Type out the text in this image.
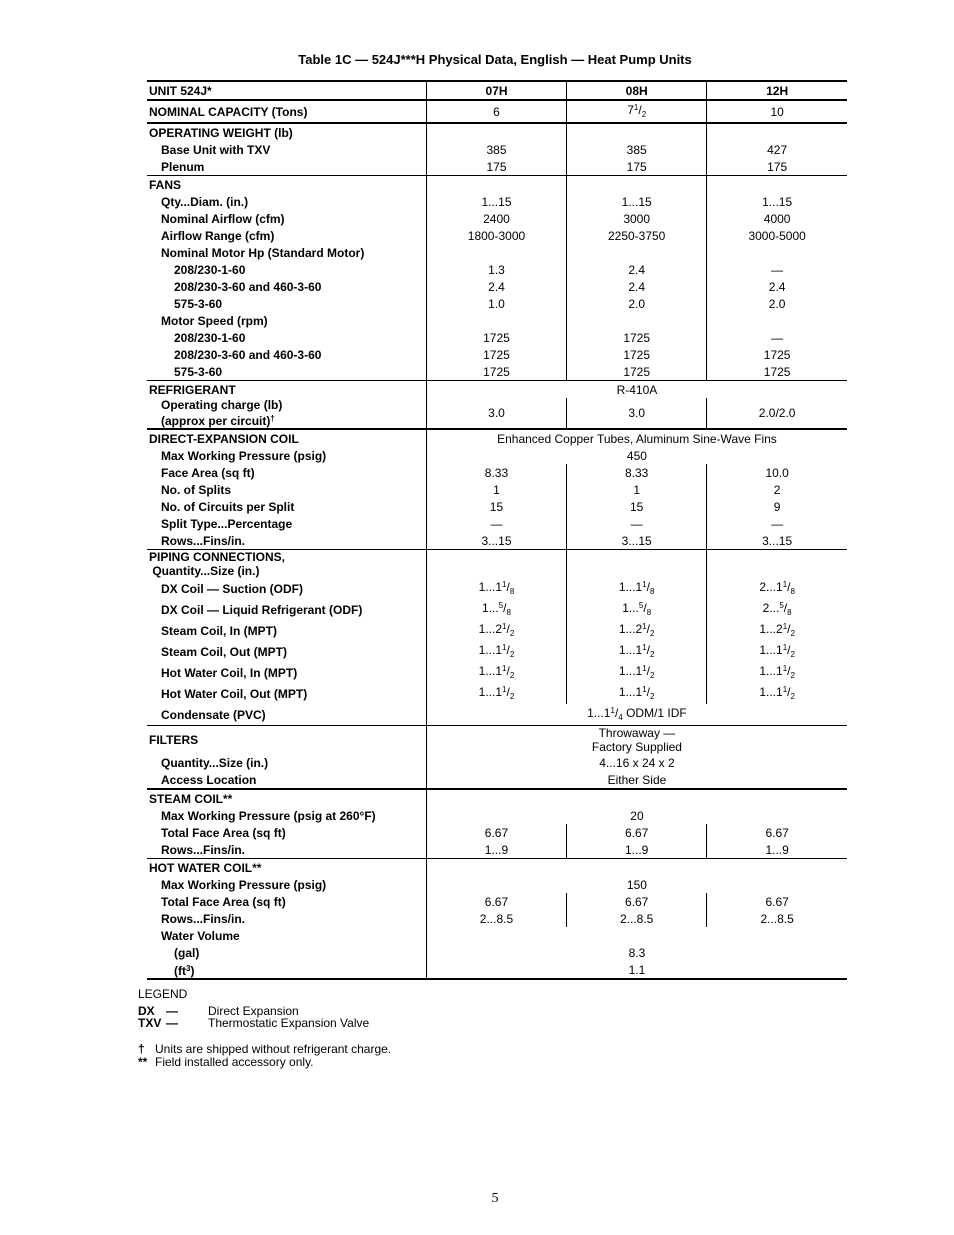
Table 1C — 524J***H Physical Data, English — Heat Pump Units
UNIT 524J*	07H	08H	12H
NOMINAL CAPACITY (Tons)	6	$7^1/_2$	10
OPERATING WEIGHT (lb)			
Base Unit with TXV	385	385	427
Plenum	175	175	175
FANS			
Qty...Diam. (in.)	1...15	1...15	1...15
Nominal Airflow (cfm)	2400	3000	4000
Airflow Range (cfm)	1800-3000	2250-3750	3000-5000
Nominal Motor Hp (Standard Motor)			
208/230-1-60	1.3	2.4	—
208/230-3-60 and 460-3-60	2.4	2.4	2.4
575-3-60	1.0	2.0	2.0
Motor Speed (rpm)			
208/230-1-60	1725	1725	—
208/230-3-60 and 460-3-60	1725	1725	1725
575-3-60	1725	1725	1725
REFRIGERANT	R-410A		
Operating charge (lb)
(approx per circuit)†	3.0	3.0	2.0/2.0
DIRECT-EXPANSION COIL	Enhanced Copper Tubes, Aluminum Sine-Wave Fins		
Max Working Pressure (psig)	450		
Face Area (sq ft)	8.33	8.33	10.0
No. of Splits	1	1	2
No. of Circuits per Split	15	15	9
Split Type...Percentage	—	—	—
Rows...Fins/in.	3...15	3...15	3...15
PIPING CONNECTIONS,
Quantity...Size (in.)			
DX Coil — Suction (ODF)	$1...1^1/_8$	$1...1^1/_8$	$2...1^1/_8$
DX Coil — Liquid Refrigerant (ODF)	$1...^5/_8$	$1...^5/_8$	$2...^5/_8$
Steam Coil, In (MPT)	$1...2^1/_2$	$1...2^1/_2$	$1...2^1/_2$
Steam Coil, Out (MPT)	$1...1^1/_2$	$1...1^1/_2$	$1...1^1/_2$
Hot Water Coil, In (MPT)	$1...1^1/_2$	$1...1^1/_2$	$1...1^1/_2$
Hot Water Coil, Out (MPT)	$1...1^1/_2$	$1...1^1/_2$	$1...1^1/_2$
Condensate (PVC)	$1...1^1/_4$ ODM/1 IDF		
FILTERS	Throwaway —
Factory Supplied		
Quantity...Size (in.)	4...16 x 24 x 2		
Access Location	Either Side		
STEAM COIL**			
Max Working Pressure (psig at 260°F)	20		
Total Face Area (sq ft)	6.67	6.67	6.67
Rows...Fins/in.	1...9	1...9	1...9
HOT WATER COIL**			
Max Working Pressure (psig)	150		
Total Face Area (sq ft)	6.67	6.67	6.67
Rows...Fins/in.	2...8.5	2...8.5	2...8.5
Water Volume			
(gal)	8.3		
$(ft^3)$	1.1		
LEGEND
DX —	Direct Expansion
TXV —	Thermostatic Expansion Valve
† Units are shipped without refrigerant charge.
** Field installed accessory only.
5
